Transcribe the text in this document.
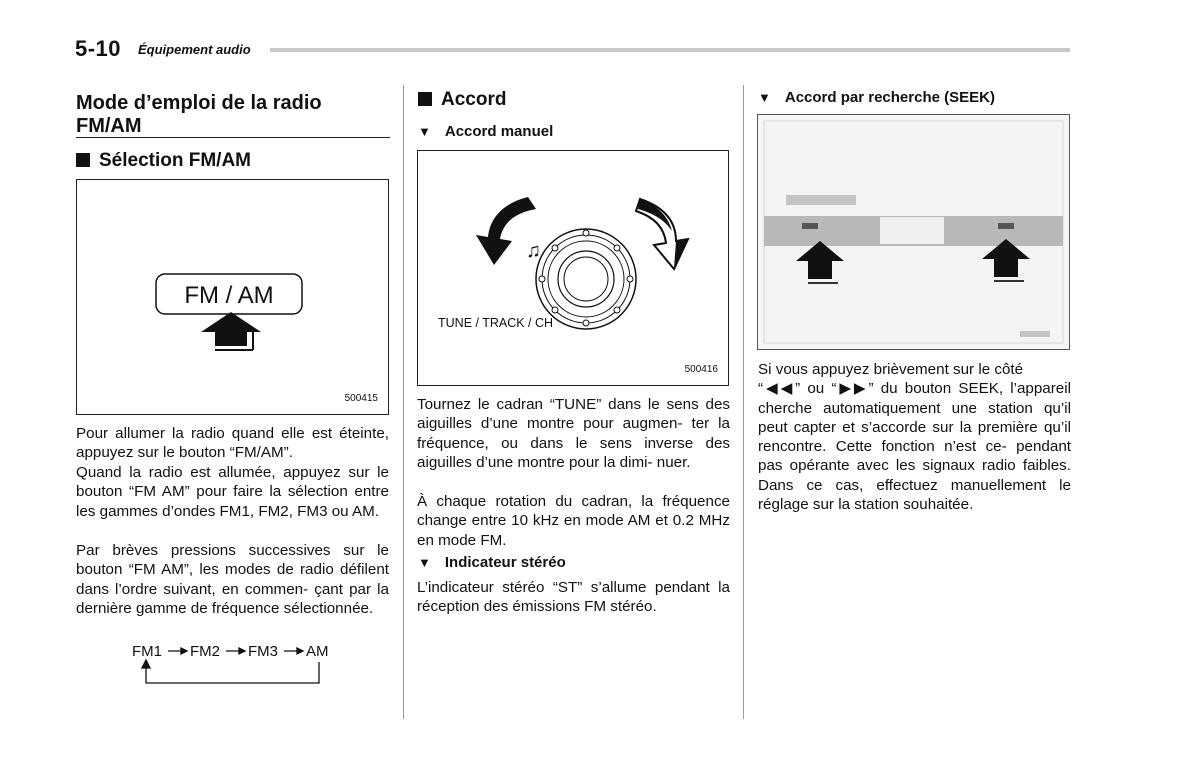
5-10 Équipement audio
Mode d’emploi de la radio
FM/AM
Sélection FM/AM
FM / AM
500415

Pour allumer la radio quand elle est éteinte, appuyez sur le bouton “FM/AM”.

Quand la radio est allumée, appuyez sur le bouton “FM AM” pour faire la sélection entre les gammes d’ondes FM1, FM2, FM3 ou AM.

Par brèves pressions successives sur le bouton “FM AM”, les modes de radio défilent dans l’ordre suivant, en commen- çant par la dernière gamme de fréquence sélectionnée.

FM1 FM2 FM3 AM
Accord
▼ Accord manuel
♫
TUNE / TRACK / CH
500416

Tournez le cadran “TUNE” dans le sens des aiguilles d’une montre pour augmen- ter la fréquence, ou dans le sens inverse des aiguilles d’une montre pour la dimi- nuer.

À chaque rotation du cadran, la fréquence change entre 10 kHz en mode AM et 0.2 MHz en mode FM.

▼ Indicateur stéréo

L’indicateur stéréo “ST” s’allume pendant la réception des émissions FM stéréo.

▼ Accord par recherche (SEEK)

Si vous appuyez brièvement sur le côté
“◀◀” ou “▶▶” du bouton SEEK, l’appareil cherche automatiquement une station qu’il peut capter et s’accorde sur la première qu’il rencontre. Cette fonction n’est ce- pendant pas opérante avec les signaux radio faibles. Dans ce cas, effectuez manuellement le réglage sur la station souhaitée.
